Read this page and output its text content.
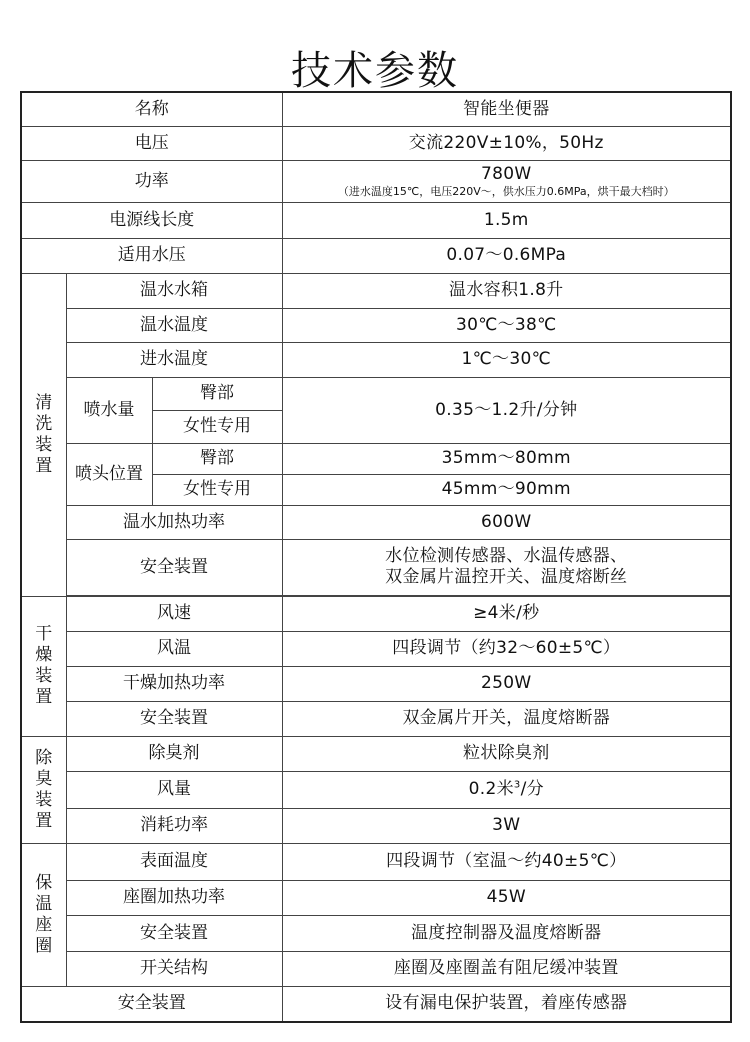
技术参数
名称			智能坐便器
电压			交流220V±10%，50Hz
功率			780W
（进水温度15℃，电压220V～，供水压力0.6MPa，烘干最大档时）

电源线长度			1.5m
适用水压			0.07～0.6MPa
清洗装置	温水水箱		温水容积1.8升
	温水温度		30℃～38℃
	进水温度		1℃～30℃
	喷水量	臀部	0.35～1.2升/分钟
		女性专用	
	喷头位置	臀部	35mm～80mm
		女性专用	45mm～90mm
	温水加热功率		600W
	安全装置		水位检测传感器、水温传感器、
双金属片温控开关、温度熔断丝

干燥装置	风速		≥4米/秒
	风温		四段调节（约32～60±5℃）
	干燥加热功率		250W
	安全装置		双金属片开关，温度熔断器
除臭装置	除臭剂		粒状除臭剂
	风量		0.2米$^3$/分
	消耗功率		3W
保温座圈	表面温度		四段调节（室温～约40±5℃）
	座圈加热功率		45W
	安全装置		温度控制器及温度熔断器
	开关结构		座圈及座圈盖有阻尼缓冲装置
安全装置			设有漏电保护装置，着座传感器
